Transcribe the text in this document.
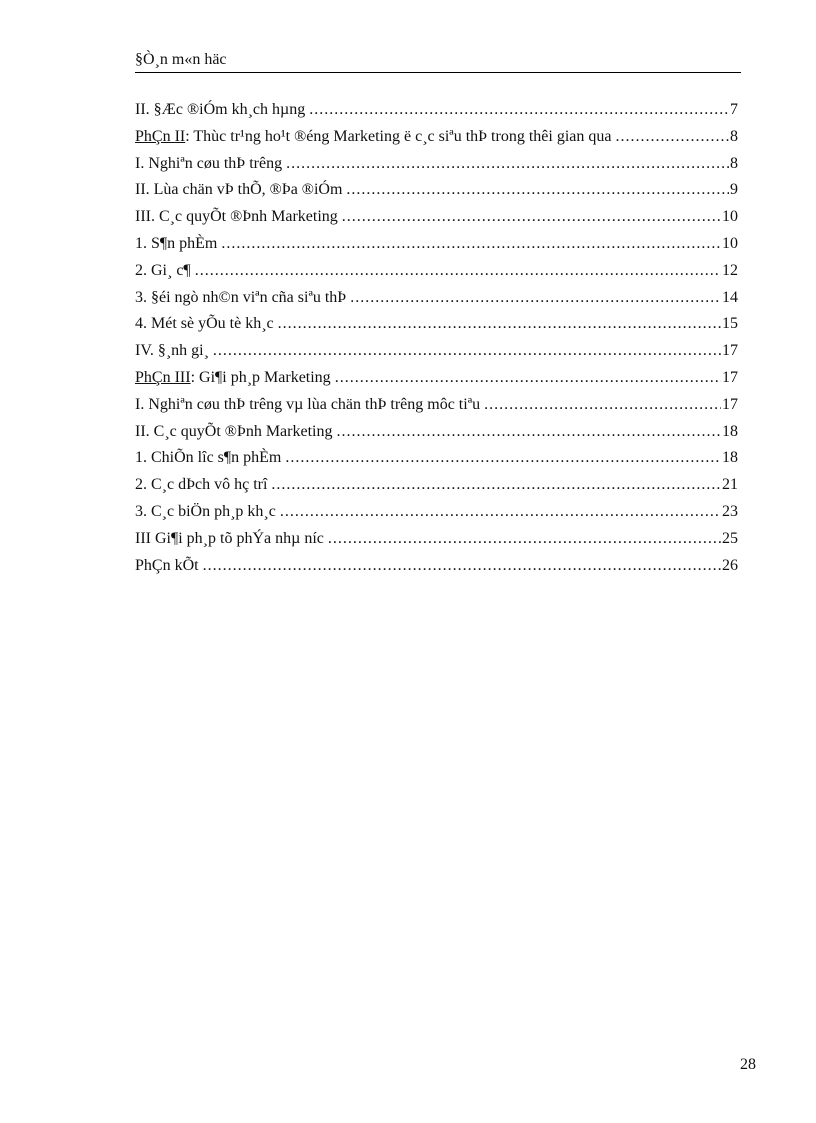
§Ò¸n m«n häc
II. §Æc ®iÓm kh¸ch hµng .....	7
PhÇn II: Thùc tr¹ng ho¹t ®éng Marketing ë c¸c siªu thÞ trong thêi gian qua .....	8
I. Nghiªn cøu thÞ trêng .....	8
II. Lùa chän vÞ thÕ, ®Þa ®iÓm .....	9
III. C¸c quyÕt ®Þnh Marketing .....	10
1. S¶n phÈm .....	10
2. Gi¸ c¶ .....	12
3. §éi ngò nh©n viªn cña siªu thÞ .....	14
4. Mét sè yÕu tè kh¸c .....	15
IV. §¸nh gi¸ .....	17
PhÇn III: Gi¶i ph¸p Marketing .....	17
I. Nghiªn cøu thÞ trêng vµ lùa chän thÞ trêng môc tiªu .....	17
II. C¸c quyÕt ®Þnh Marketing .....	18
1. ChiÕn lîc s¶n phÈm .....	18
2. C¸c dÞch vô hç trî .....	21
3. C¸c biÖn ph¸p kh¸c .....	23
III Gi¶i ph¸p tõ phÝa nhµ níc .....	25
PhÇn kÕt .....	26
28
